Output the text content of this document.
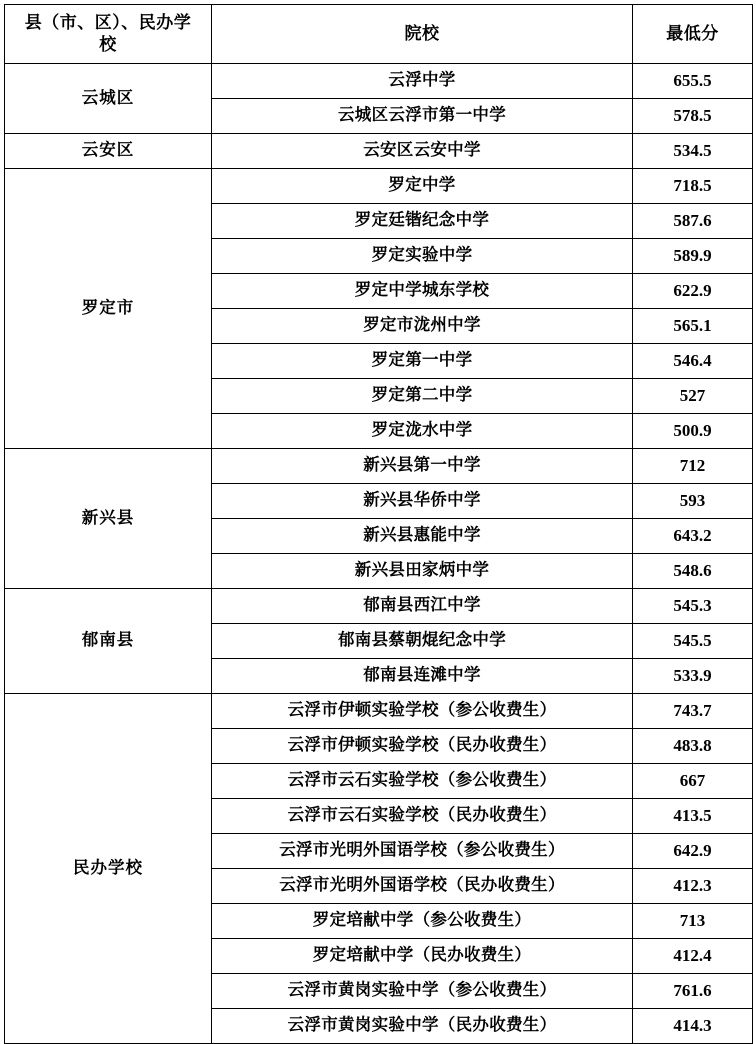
县（市、区）、民办学校	院校	最低分
云城区	云浮中学	655.5
	云城区云浮市第一中学	578.5
云安区	云安区云安中学	534.5
罗定市	罗定中学	718.5
	罗定廷锴纪念中学	587.6
	罗定实验中学	589.9
	罗定中学城东学校	622.9
	罗定市泷州中学	565.1
	罗定第一中学	546.4
	罗定第二中学	527
	罗定泷水中学	500.9
新兴县	新兴县第一中学	712
	新兴县华侨中学	593
	新兴县惠能中学	643.2
	新兴县田家炳中学	548.6
郁南县	郁南县西江中学	545.3
	郁南县蔡朝焜纪念中学	545.5
	郁南县连滩中学	533.9
民办学校	云浮市伊顿实验学校（参公收费生）	743.7
	云浮市伊顿实验学校（民办收费生）	483.8
	云浮市云石实验学校（参公收费生）	667
	云浮市云石实验学校（民办收费生）	413.5
	云浮市光明外国语学校（参公收费生）	642.9
	云浮市光明外国语学校（民办收费生）	412.3
	罗定培献中学（参公收费生）	713
	罗定培献中学（民办收费生）	412.4
	云浮市黄岗实验中学（参公收费生）	761.6
	云浮市黄岗实验中学（民办收费生）	414.3
